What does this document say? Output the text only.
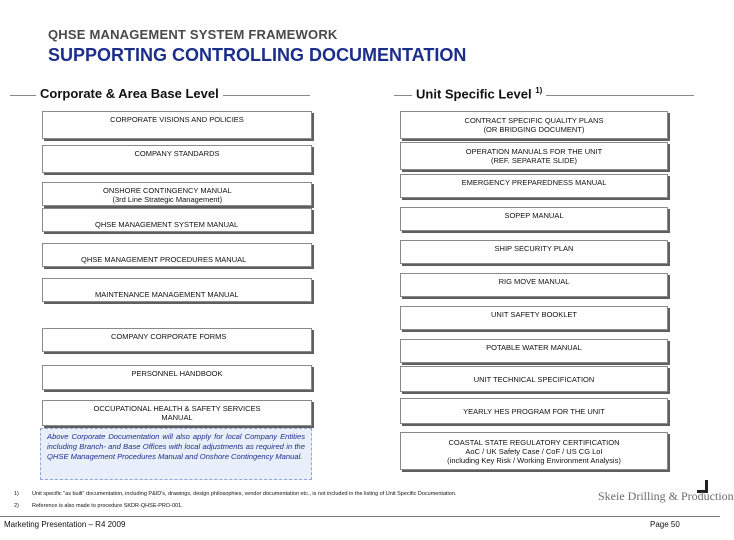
QHSE MANAGEMENT SYSTEM FRAMEWORK
SUPPORTING CONTROLLING DOCUMENTATION
Corporate & Area Base Level	Unit Specific Level $^{1)}$
CORPORATE VISIONS AND POLICIES
COMPANY STANDARDS
ONSHORE CONTINGENCY MANUAL
(3rd Line Strategic Management)
QHSE MANAGEMENT SYSTEM MANUAL
QHSE MANAGEMENT PROCEDURES MANUAL
MAINTENANCE MANAGEMENT MANUAL
COMPANY CORPORATE FORMS
PERSONNEL HANDBOOK
OCCUPATIONAL HEALTH & SAFETY SERVICES
MANUAL
Above Corporate Documentation will also apply for local Company Entities including Branch- and Base Offices with local adjustments as required in the QHSE Management Procedures Manual and Onshore Contingency Manual.
CONTRACT SPECIFIC QUALITY PLANS
(OR BRIDGING DOCUMENT)
OPERATION MANUALS FOR THE UNIT
(REF. SEPARATE SLIDE)
EMERGENCY PREPAREDNESS MANUAL
SOPEP MANUAL
SHIP SECURITY PLAN
RIG MOVE MANUAL
UNIT SAFETY BOOKLET
POTABLE WATER MANUAL
UNIT TECHNICAL SPECIFICATION
YEARLY HES PROGRAM FOR THE UNIT
COASTAL STATE REGULATORY CERTIFICATION
AoC / UK Safety Case / CoF / US CG LoI
(including Key Risk / Working Environment Analysis)
1) Unit specific "as built" documentation, including P&ID's, drawings, design philosophies, vendor documentation etc., is not included in the listing of Unit Specific Documentation.
2) Reference is also made to procedure SKDR-QHSE-PRO-001.
Skeie Drilling & Production
Marketing Presentation – R4 2009	Page 50
